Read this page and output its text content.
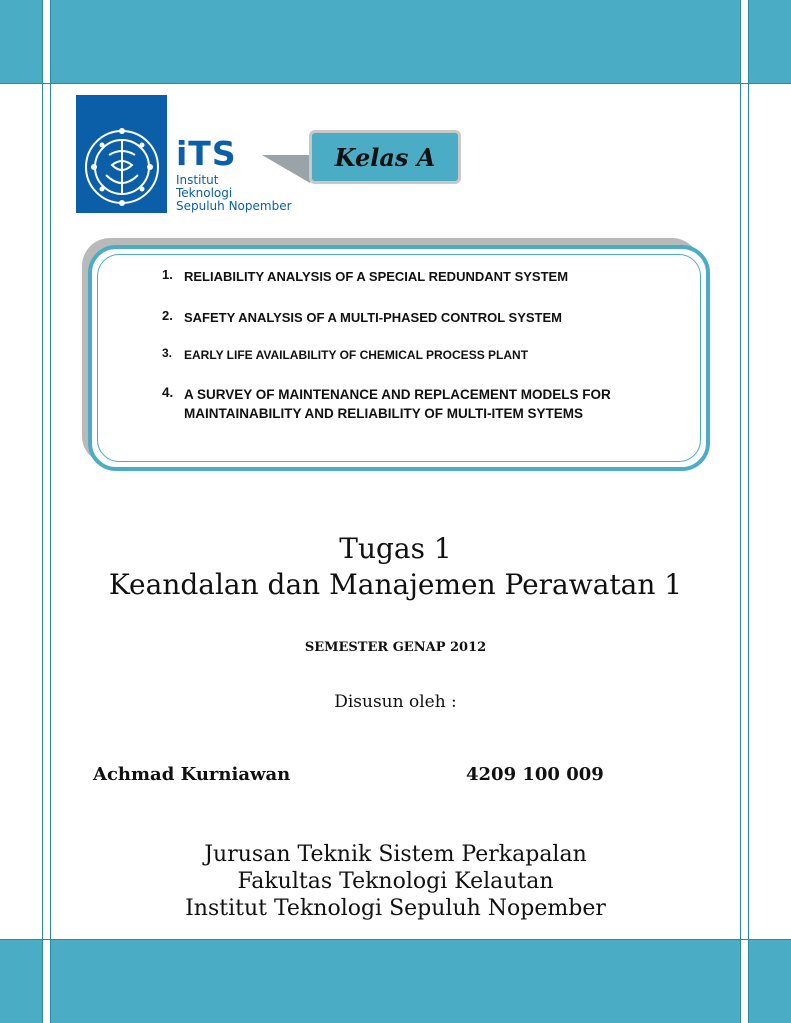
iTS
Institut
Teknologi
Sepuluh Nopember
Kelas A
1. RELIABILITY ANALYSIS OF A SPECIAL REDUNDANT SYSTEM
2. SAFETY ANALYSIS OF A MULTI-PHASED CONTROL SYSTEM
3. EARLY LIFE AVAILABILITY OF CHEMICAL PROCESS PLANT
4. A SURVEY OF MAINTENANCE AND REPLACEMENT MODELS FOR MAINTAINABILITY AND RELIABILITY OF MULTI-ITEM SYTEMS
Tugas 1
Keandalan dan Manajemen Perawatan 1
SEMESTER GENAP 2012
Disusun oleh :
Achmad Kurniawan	4209 100 009
Jurusan Teknik Sistem Perkapalan
Fakultas Teknologi Kelautan
Institut Teknologi Sepuluh Nopember
